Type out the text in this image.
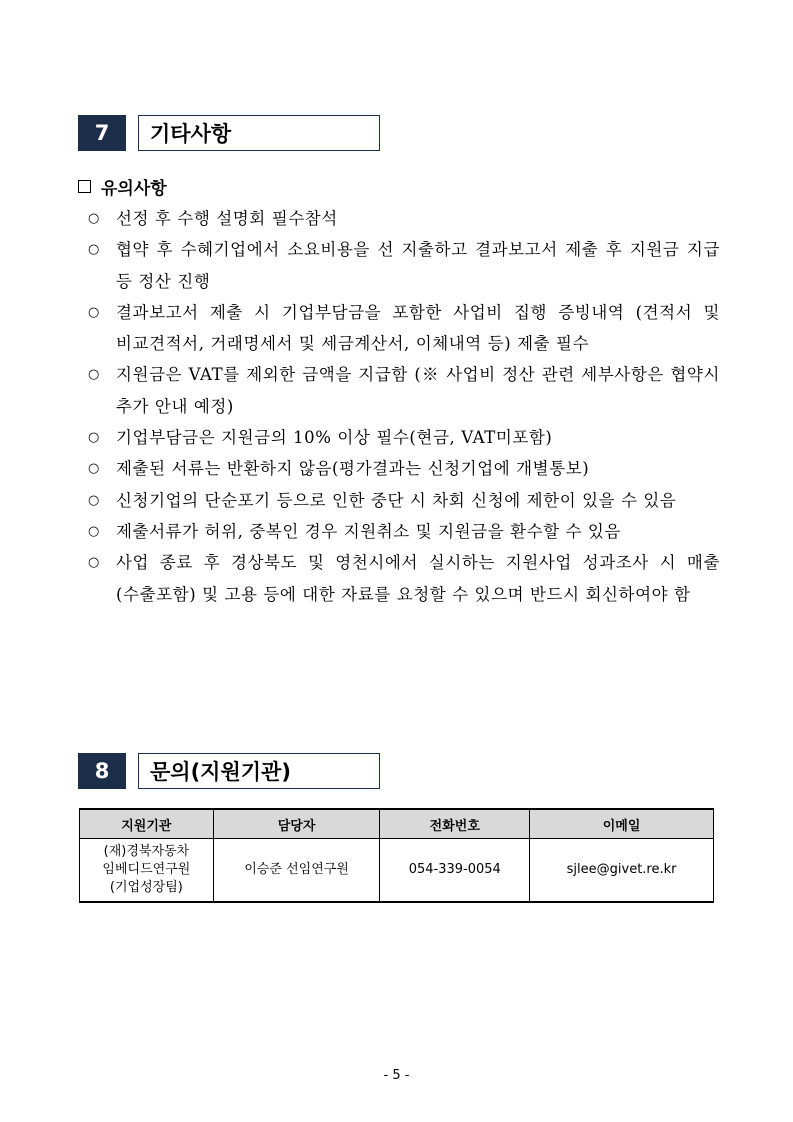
7	기타사항
유의사항
○ 선정 후 수행 설명회 필수참석
○ 협약 후 수혜기업에서 소요비용을 선 지출하고 결과보고서 제출 후 지원금 지급 등 정산 진행
○ 결과보고서 제출 시 기업부담금을 포함한 사업비 집행 증빙내역 (견적서 및 비교견적서, 거래명세서 및 세금계산서, 이체내역 등) 제출 필수
○ 지원금은 VAT를 제외한 금액을 지급함 (※ 사업비 정산 관련 세부사항은 협약시 추가 안내 예정)
○ 기업부담금은 지원금의 10% 이상 필수(현금, VAT미포함)
○ 제출된 서류는 반환하지 않음(평가결과는 신청기업에 개별통보)
○ 신청기업의 단순포기 등으로 인한 중단 시 차회 신청에 제한이 있을 수 있음
○ 제출서류가 허위, 중복인 경우 지원취소 및 지원금을 환수할 수 있음
○ 사업 종료 후 경상북도 및 영천시에서 실시하는 지원사업 성과조사 시 매출(수출포함) 및 고용 등에 대한 자료를 요청할 수 있으며 반드시 회신하여야 함
8	문의(지원기관)
지원기관	담당자	전화번호	이메일

(재)경북자동차
임베디드연구원
(기업성장팀)	이승준 선임연구원	054-339-0054	sjlee@givet.re.kr
- 5 -
